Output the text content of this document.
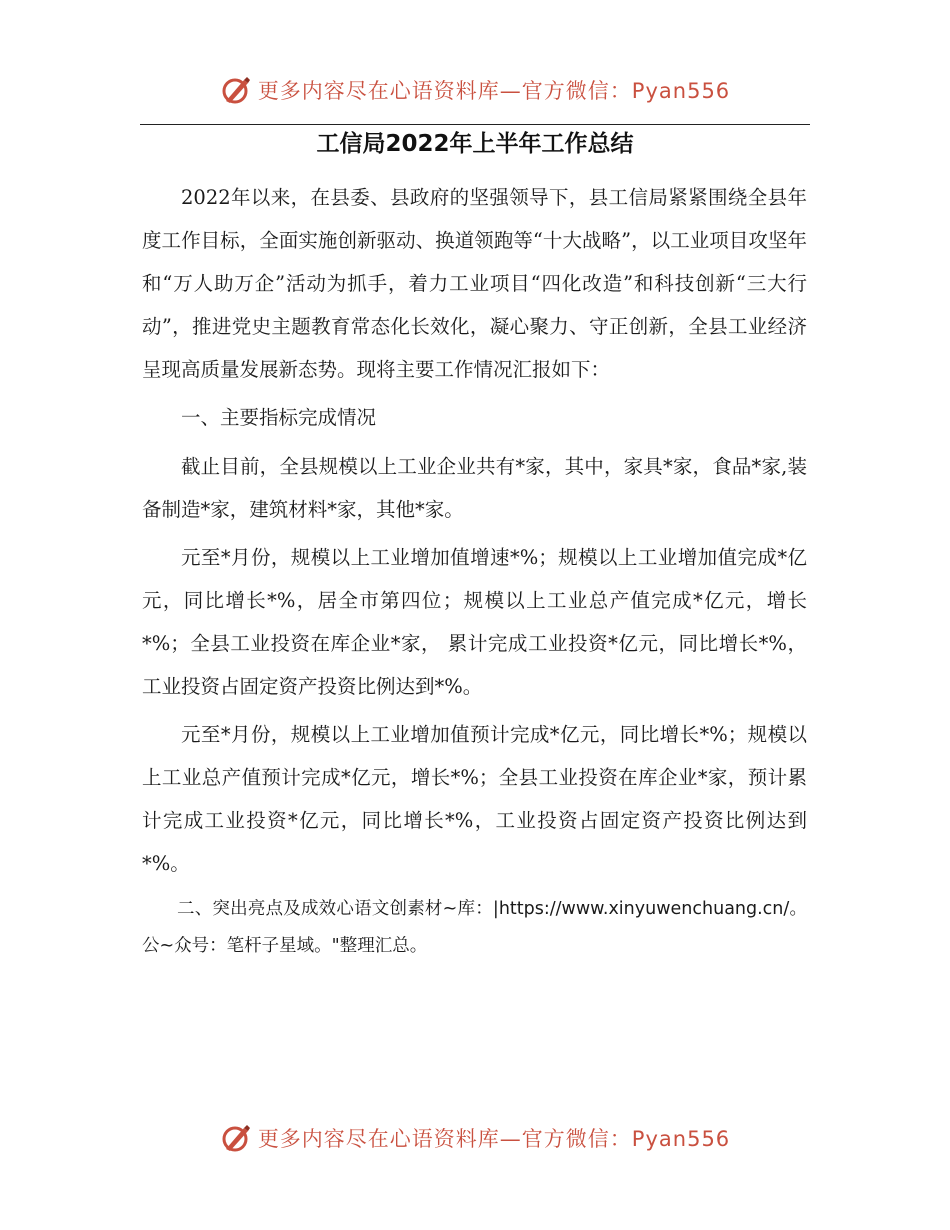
更多内容尽在心语资料库—官方微信：Pyan556
工信局2022年上半年工作总结

2022年以来，在县委、县政府的坚强领导下，县工信局紧紧围绕全县年度工作目标，全面实施创新驱动、换道领跑等“十大战略”，以工业项目攻坚年和“万人助万企”活动为抓手，着力工业项目“四化改造”和科技创新“三大行动”，推进党史主题教育常态化长效化，凝心聚力、守正创新，全县工业经济呈现高质量发展新态势。现将主要工作情况汇报如下：

一、主要指标完成情况

截止目前，全县规模以上工业企业共有*家，其中，家具*家，食品*家,装备制造*家，建筑材料*家，其他*家。

元至*月份，规模以上工业增加值增速*%；规模以上工业增加值完成*亿元，同比增长*%，居全市第四位；规模以上工业总产值完成*亿元，增长*%；全县工业投资在库企业*家， 累计完成工业投资*亿元，同比增长*%，工业投资占固定资产投资比例达到*%。

元至*月份，规模以上工业增加值预计完成*亿元，同比增长*%；规模以上工业总产值预计完成*亿元，增长*%；全县工业投资在库企业*家，预计累计完成工业投资*亿元，同比增长*%，工业投资占固定资产投资比例达到*%。

二、突出亮点及成效心语文创素材~库：|https://www.xinyuwenchuang.cn/。公~众号：笔杆子星域。"整理汇总。

更多内容尽在心语资料库—官方微信：Pyan556
